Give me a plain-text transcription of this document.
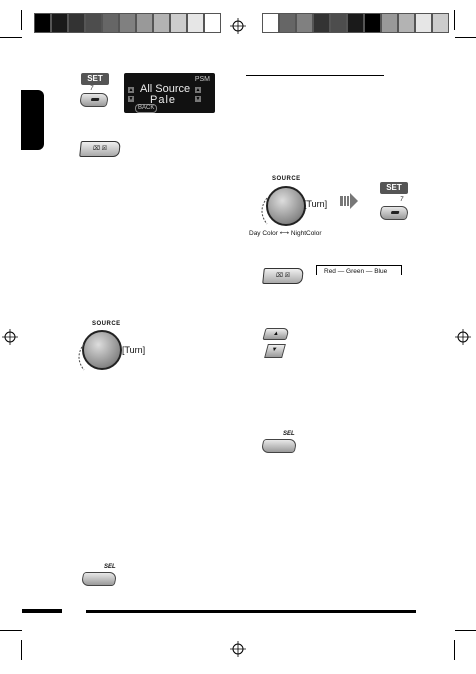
SET
7
PSM
▲
▼
▲
▼
All Source
Pale
BACK
⌧ ☒
SOURCE
[Turn]
SEL
SOURCE
[Turn]
Day Color ⟷ NightColor
SET
7
⌧ ☒
Red — Green — Blue
▲
▼
SEL
